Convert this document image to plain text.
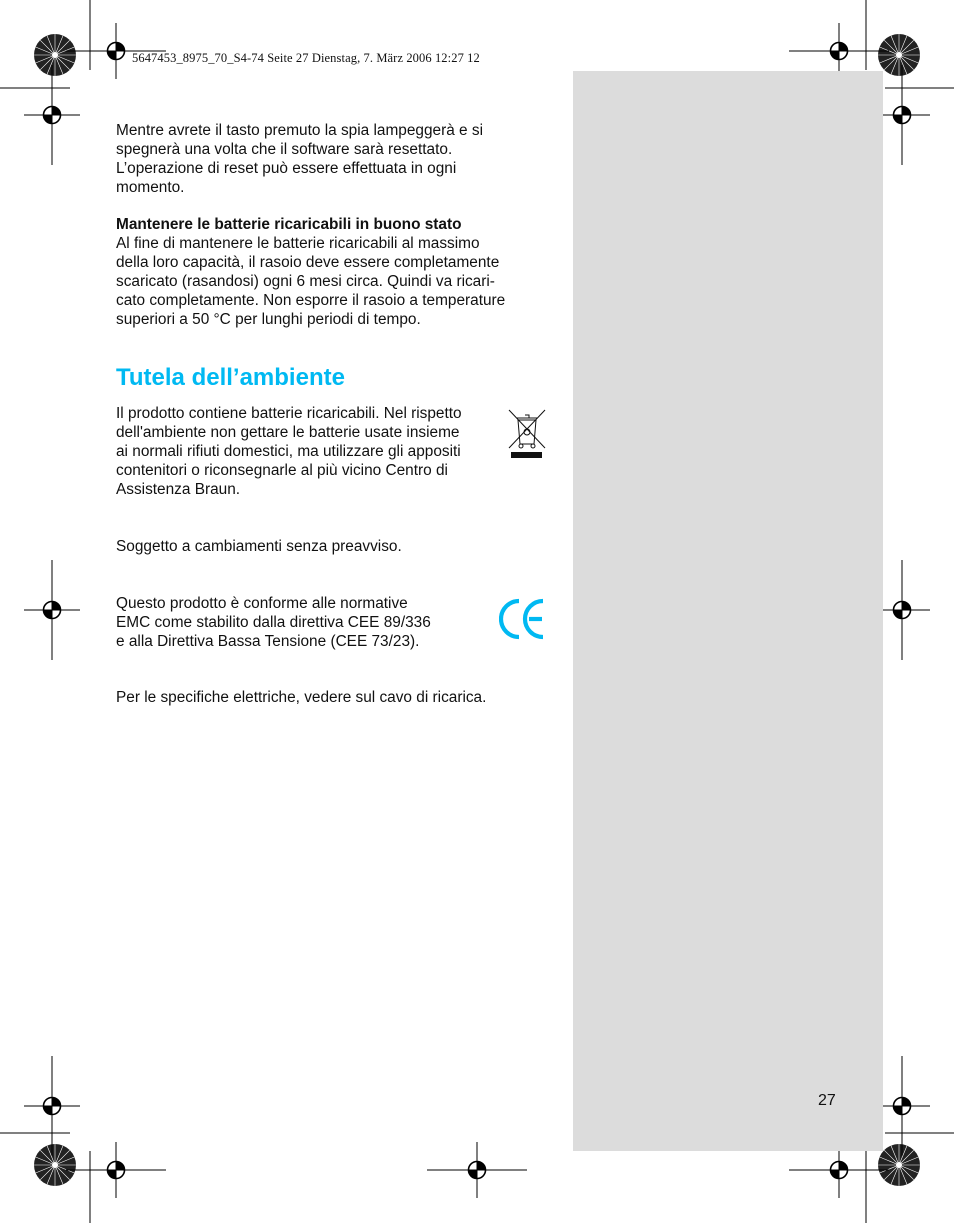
5647453_8975_70_S4-74 Seite 27 Dienstag, 7. März 2006 12:27 12

Mentre avrete il tasto premuto la spia lampeggerà e si
spegnerà una volta che il software sarà resettato.
L’operazione di reset può essere effettuata in ogni
momento.

Mantenere le batterie ricaricabili in buono stato
Al fine di mantenere le batterie ricaricabili al massimo
della loro capacità, il rasoio deve essere completamente
scaricato (rasandosi) ogni 6 mesi circa. Quindi va ricari-
cato completamente. Non esporre il rasoio a temperature
superiori a 50 °C per lunghi periodi di tempo.

Tutela dell’ambiente

Il prodotto contiene batterie ricaricabili. Nel rispetto
dell'ambiente non gettare le batterie usate insieme
ai normali rifiuti domestici, ma utilizzare gli appositi
contenitori o riconsegnarle al più vicino Centro di
Assistenza Braun.

Soggetto a cambiamenti senza preavviso.

Questo prodotto è conforme alle normative
EMC come stabilito dalla direttiva CEE 89/336
e alla Direttiva Bassa Tensione (CEE 73/23).

Per le specifiche elettriche, vedere sul cavo di ricarica.

27
